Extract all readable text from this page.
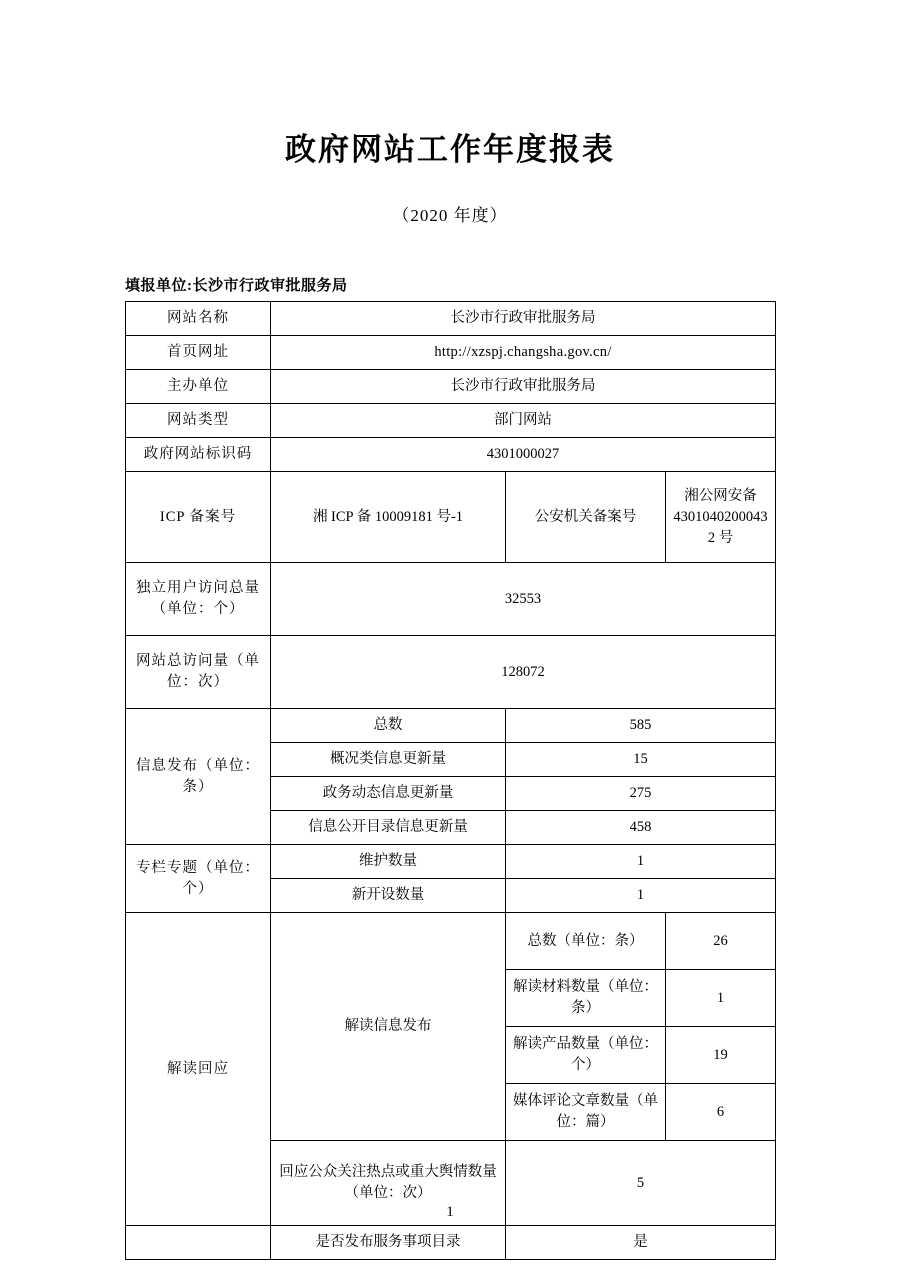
政府网站工作年度报表
（2020 年度）
填报单位:长沙市行政审批服务局
网站名称	长沙市行政审批服务局		
首页网址	http://xzspj.changsha.gov.cn/		
主办单位	长沙市行政审批服务局		
网站类型	部门网站		
政府网站标识码	4301000027		
ICP 备案号	湘 ICP 备 10009181 号-1	公安机关备案号	湘公网安备 43010402000432 号
独立用户访问总量（单位：个）	32553		
网站总访问量（单位：次）	128072		
信息发布（单位：条）	总数	585	
	概况类信息更新量	15	
	政务动态信息更新量	275	
	信息公开目录信息更新量	458	
专栏专题（单位：个）	维护数量	1	
	新开设数量	1	
解读回应	解读信息发布	总数（单位：条）	26
		解读材料数量（单位：条）	1
		解读产品数量（单位：个）	19
		媒体评论文章数量（单位：篇）	6
	回应公众关注热点或重大舆情数量（单位：次）	5	
	是否发布服务事项目录	是	
1
